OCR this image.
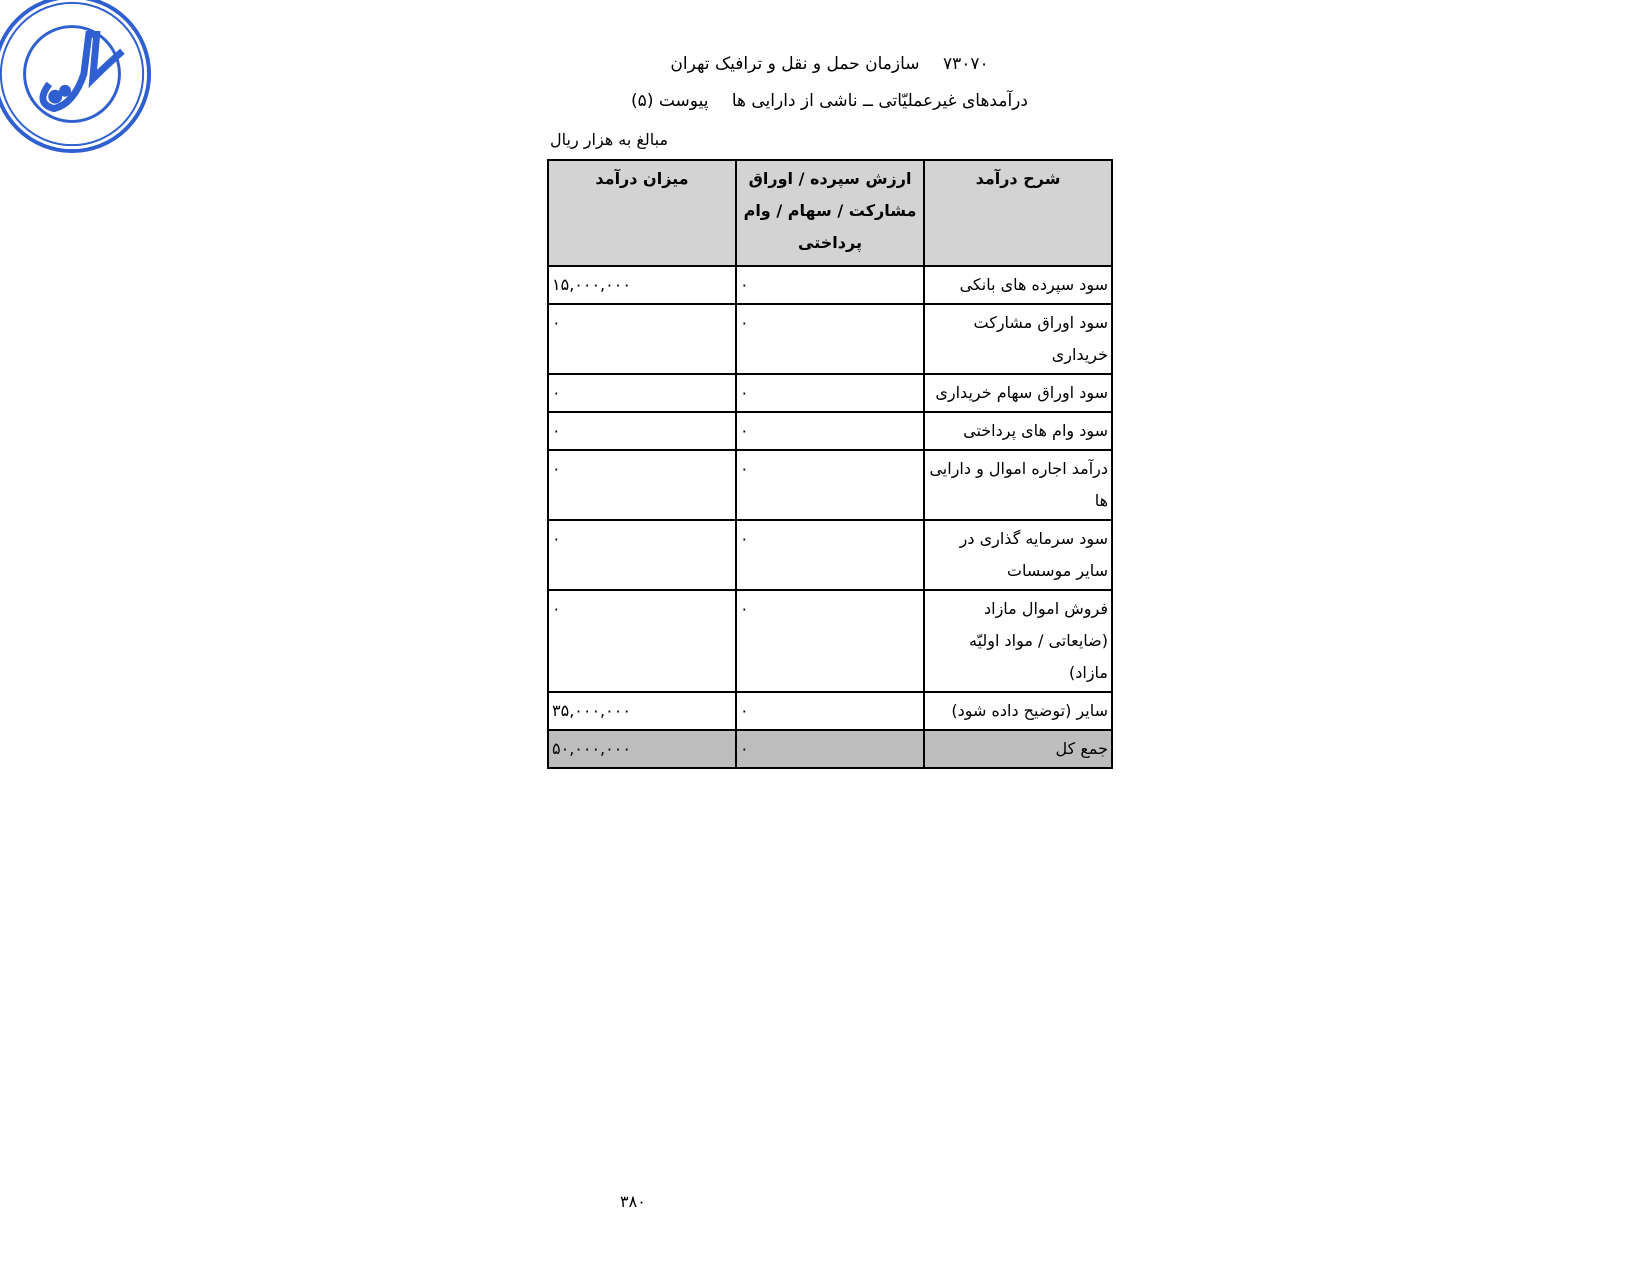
۷۳۰۷۰ سازمان حمل و نقل و ترافیک تهران
درآمدهای غیرعملیّاتی ــ ناشی از دارایی ها پیوست (۵)
مبالغ به هزار ریال
شرح درآمد	ارزش سپرده / اوراق مشارکت / سهام / وام پرداختی	میزان درآمد
سود سپرده های بانکی	۰	۱۵,۰۰۰,۰۰۰
سود اوراق مشارکت خریداری	۰	۰
سود اوراق سهام خریداری	۰	۰
سود وام های پرداختی	۰	۰
درآمد اجاره اموال و دارایی ها	۰	۰
سود سرمایه گذاری در سایر موسسات	۰	۰
فروش اموال مازاد (ضایعاتی / مواد اولیّه مازاد)	۰	۰
سایر (توضیح داده شود)	۰	۳۵,۰۰۰,۰۰۰
جمع کل	۰	۵۰,۰۰۰,۰۰۰
۳۸۰
